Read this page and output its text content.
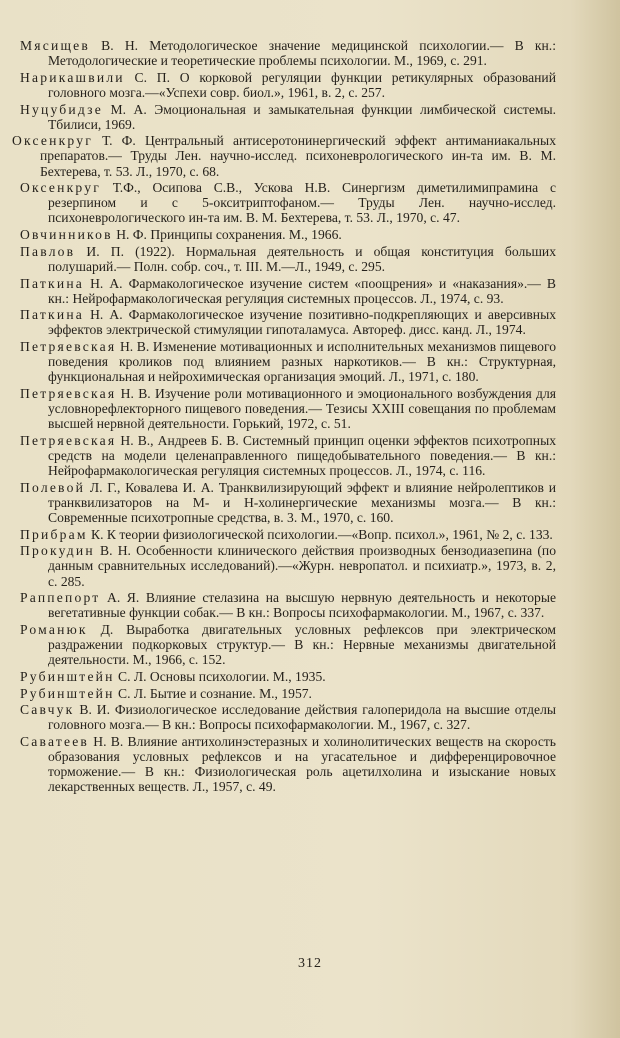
Мясищев В. Н. Методологическое значение медицинской психологии.— В кн.: Методологические и теоретические проблемы психологии. М., 1969, с. 291.

Нарикашвили С. П. О корковой регуляции функции ретикулярных образований головного мозга.—«Успехи совр. биол.», 1961, в. 2, с. 257.

Нуцубидзе М. А. Эмоциональная и замыкательная функции лимбической системы. Тбилиси, 1969.

Оксенкруг Т. Ф. Центральный антисеротонинергический эффект антиманиакальных препаратов.— Труды Лен. научно-исслед. психоневрологического ин-та им. В. М. Бехтерева, т. 53. Л., 1970, с. 68.

Оксенкруг Т.Ф., Осипова С.В., Ускова Н.В. Синергизм диметилимипрамина с резерпином и с 5-окситриптофаном.— Труды Лен. научно-исслед. психоневрологического ин-та им. В. М. Бехтерева, т. 53. Л., 1970, с. 47.

Овчинников Н. Ф. Принципы сохранения. М., 1966.

Павлов И. П. (1922). Нормальная деятельность и общая конституция больших полушарий.— Полн. собр. соч., т. III. М.—Л., 1949, с. 295.

Паткина Н. А. Фармакологическое изучение систем «поощрения» и «наказания».— В кн.: Нейрофармакологическая регуляция системных процессов. Л., 1974, с. 93.

Паткина Н. А. Фармакологическое изучение позитивно-подкрепляющих и аверсивных эффектов электрической стимуляции гипоталамуса. Автореф. дисс. канд. Л., 1974.

Петряевская Н. В. Изменение мотивационных и исполнительных механизмов пищевого поведения кроликов под влиянием разных наркотиков.— В кн.: Структурная, функциональная и нейрохимическая организация эмоций. Л., 1971, с. 180.

Петряевская Н. В. Изучение роли мотивационного и эмоционального возбуждения для условнорефлекторного пищевого поведения.— Тезисы XXIII совещания по проблемам высшей нервной деятельности. Горький, 1972, с. 51.

Петряевская Н. В., Андреев Б. В. Системный принцип оценки эффектов психотропных средств на модели целенаправленного пищедобывательного поведения.— В кн.: Нейрофармакологическая регуляция системных процессов. Л., 1974, с. 116.

Полевой Л. Г., Ковалева И. А. Транквилизирующий эффект и влияние нейролептиков и транквилизаторов на М- и Н-холинергические механизмы мозга.— В кн.: Современные психотропные средства, в. 3. М., 1970, с. 160.

Прибрам К. К теории физиологической психологии.—«Вопр. психол.», 1961, № 2, с. 133.

Прокудин В. Н. Особенности клинического действия производных бензодиазепина (по данным сравнительных исследований).—«Журн. невропатол. и психиатр.», 1973, в. 2, с. 285.

Раппепорт А. Я. Влияние стелазина на высшую нервную деятельность и некоторые вегетативные функции собак.— В кн.: Вопросы психофармакологии. М., 1967, с. 337.

Романюк Д. Выработка двигательных условных рефлексов при электрическом раздражении подкорковых структур.— В кн.: Нервные механизмы двигательной деятельности. М., 1966, с. 152.

Рубинштейн С. Л. Основы психологии. М., 1935.

Рубинштейн С. Л. Бытие и сознание. М., 1957.

Савчук В. И. Физиологическое исследование действия галоперидола на высшие отделы головного мозга.— В кн.: Вопросы психофармакологии. М., 1967, с. 327.

Саватеев Н. В. Влияние антихолинэстеразных и холинолитических веществ на скорость образования условных рефлексов и на угасательное и дифференцировочное торможение.— В кн.: Физиологическая роль ацетилхолина и изыскание новых лекарственных веществ. Л., 1957, с. 49.

312
